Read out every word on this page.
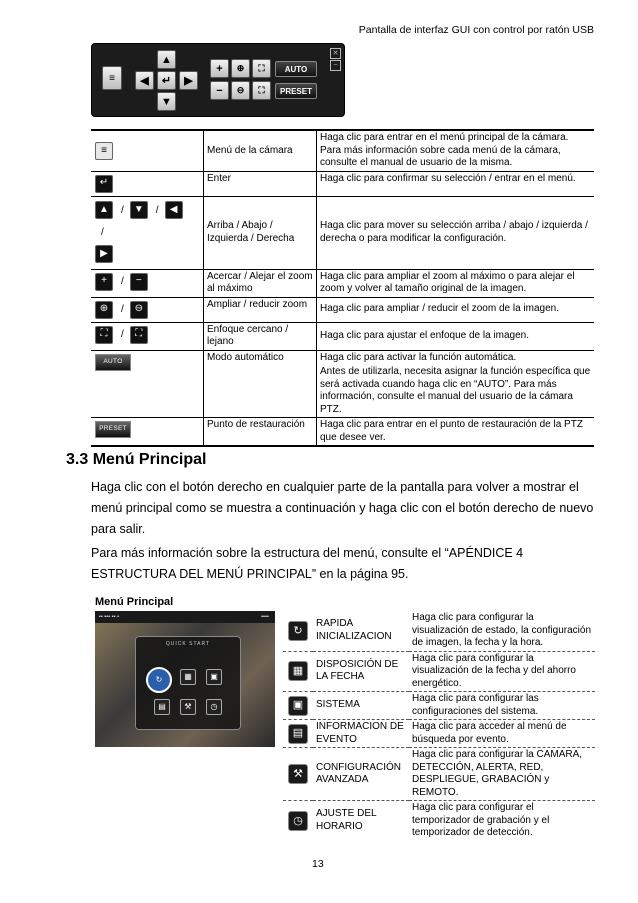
Pantalla de interfaz GUI con control por ratón USB
≡
▲
◀	↵	▶
▼
+	⊕	⛶	AUTO
−	⊖	⛶	PRESET
✕
−
≡	Menú de la cámara	Haga clic para entrar en el menú principal de la cámara. Para más información sobre cada menú de la cámara, consulte el manual de usuario de la misma.
↵	Enter	Haga clic para confirmar su selección / entrar en el menú.
▲ / ▼ / ◀/
▶	Arriba / Abajo / Izquierda / Derecha	Haga clic para mover su selección arriba / abajo / izquierda / derecha o para modificar la configuración.
+ / −	Acercar / Alejar el zoom al máximo	Haga clic para ampliar el zoom al máximo o para alejar el zoom y volver al tamaño original de la imagen.
⊕ / ⊖	Ampliar / reducir zoom	Haga clic para ampliar / reducir el zoom de la imagen.
⛶ / ⛶	Enfoque cercano / lejano	Haga clic para ajustar el enfoque de la imagen.
AUTO	Modo automático	Haga clic para activar la función automática.
Antes de utilizarla, necesita asignar la función específica que será activada cuando haga clic en “AUTO”. Para más información, consulte el manual del usuario de la cámara PTZ.

PRESET	Punto de restauración	Haga clic para entrar en el punto de restauración de la PTZ que desee ver.
3.3 Menú Principal
Haga clic con el botón derecho en cualquier parte de la pantalla para volver a mostrar el menú principal como se muestra a continuación y haga clic con el botón derecho de nuevo para salir.
Para más información sobre la estructura del menú, consulte el “APÉNDICE 4 ESTRUCTURA DEL MENÚ PRINCIPAL” en la página 95.
Menú Principal
▪▪ ▪▪▪ ▪▪ ▪	▪▪▪▪
QUICK START
↻	▦	▣
▤	⚒	◷
↻	RAPIDA INICIALIZACION	Haga clic para configurar la visualización de estado, la configuración de imagen, la fecha y la hora.
▦	DISPOSICIÓN DE LA FECHA	Haga clic para configurar la visualización de la fecha y del ahorro energético.
▣	SISTEMA	Haga clic para configurar las configuraciones del sistema.
▤	INFORMACION DE EVENTO	Haga clic para acceder al menú de búsqueda por evento.
⚒	CONFIGURACIÓN AVANZADA	Haga clic para configurar la CAMARA, DETECCIÓN, ALERTA, RED, DESPLIEGUE, GRABACIÓN y REMOTO.
◷	AJUSTE DEL HORARIO	Haga clic para configurar el temporizador de grabación y el temporizador de detección.
13
